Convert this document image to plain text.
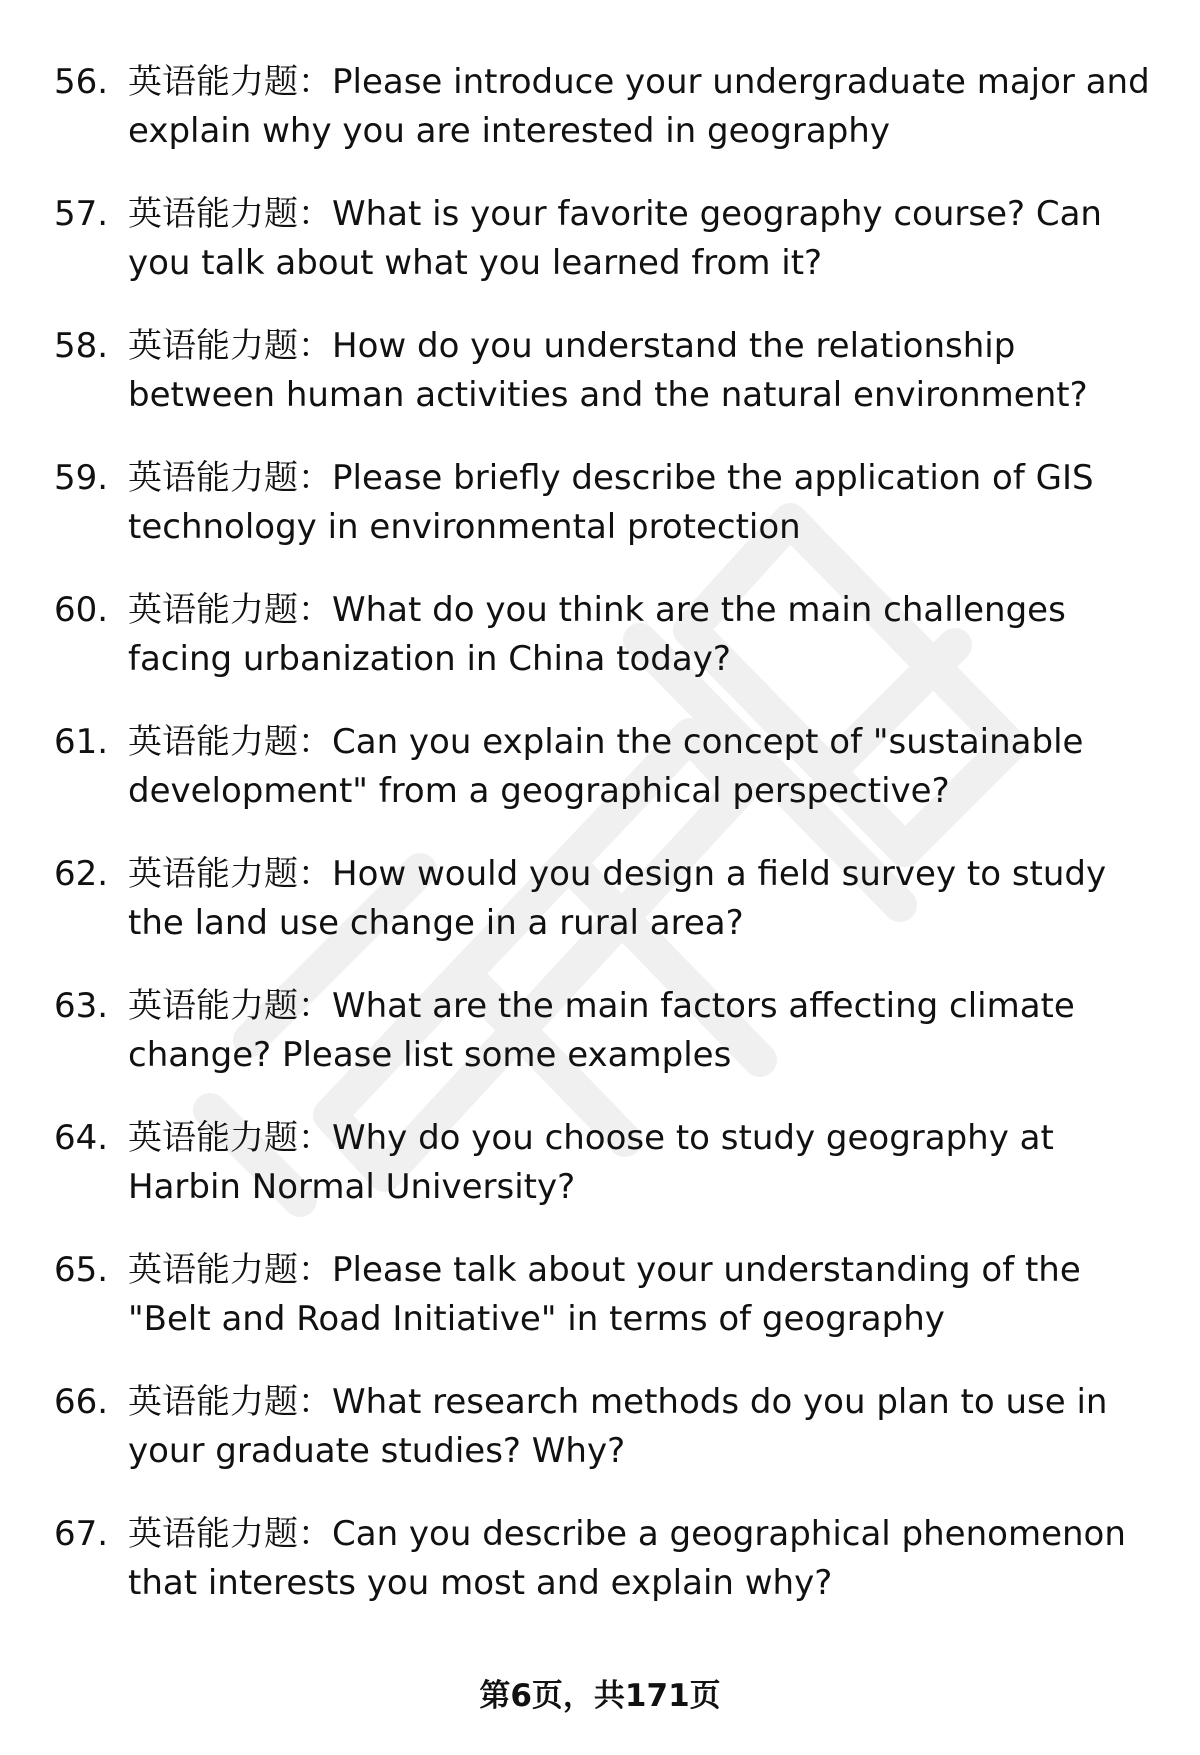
56. 英语能力题：Please introduce your undergraduate major and explain why you are interested in geography
57. 英语能力题：What is your favorite geography course? Can you talk about what you learned from it?
58. 英语能力题：How do you understand the relationship between human activities and the natural environment?
59. 英语能力题：Please briefly describe the application of GIS technology in environmental protection
60. 英语能力题：What do you think are the main challenges facing urbanization in China today?
61. 英语能力题：Can you explain the concept of "sustainable development" from a geographical perspective?
62. 英语能力题：How would you design a field survey to study the land use change in a rural area?
63. 英语能力题：What are the main factors affecting climate change? Please list some examples
64. 英语能力题：Why do you choose to study geography at Harbin Normal University?
65. 英语能力题：Please talk about your understanding of the "Belt and Road Initiative" in terms of geography
66. 英语能力题：What research methods do you plan to use in your graduate studies? Why?
67. 英语能力题：Can you describe a geographical phenomenon that interests you most and explain why?
第6页，共171页
